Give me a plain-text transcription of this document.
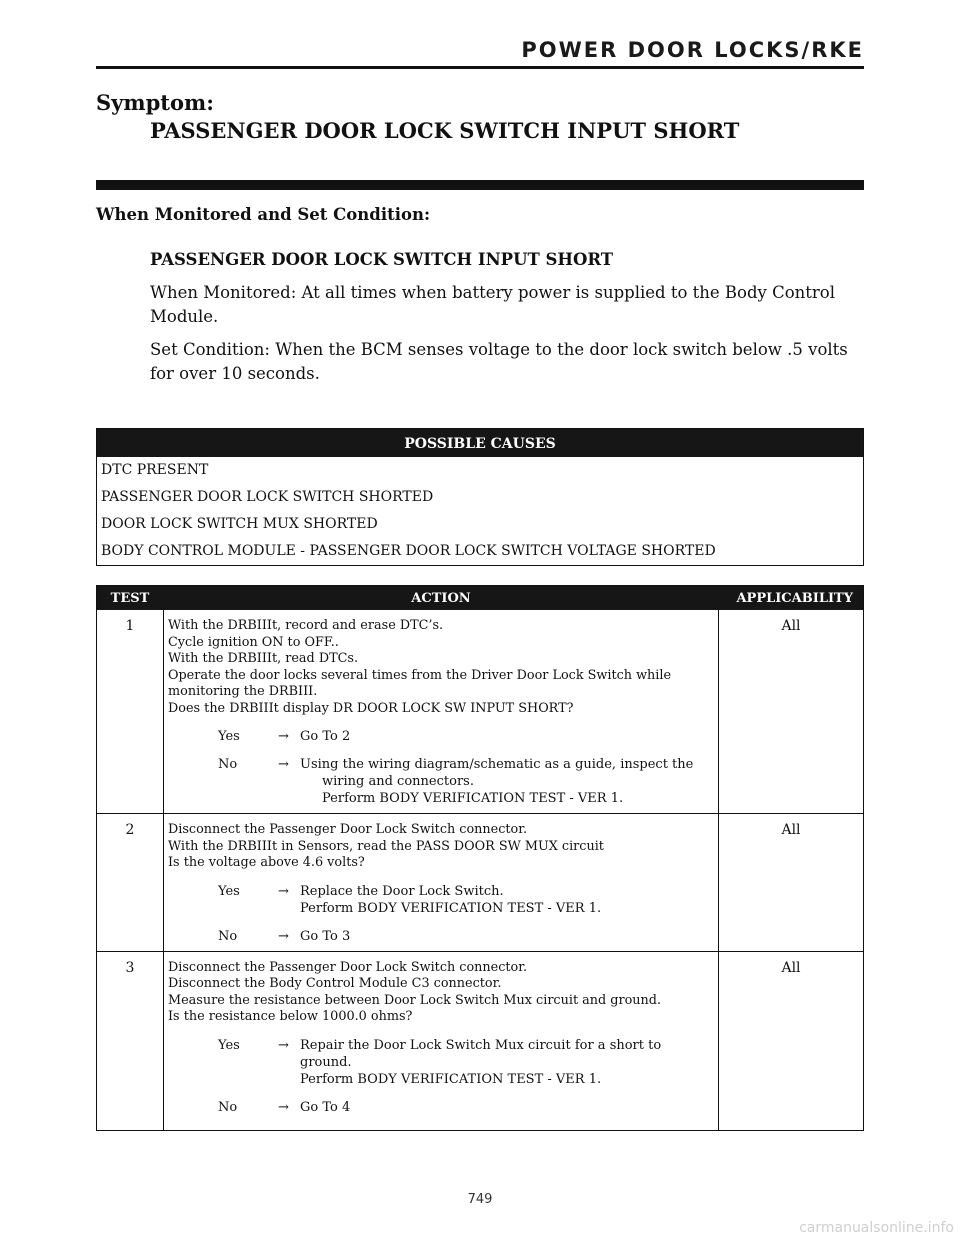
POWER DOOR LOCKS/RKE
Symptom:
PASSENGER DOOR LOCK SWITCH INPUT SHORT
When Monitored and Set Condition:

PASSENGER DOOR LOCK SWITCH INPUT SHORT

When Monitored: At all times when battery power is supplied to the Body Control Module.

Set Condition: When the BCM senses voltage to the door lock switch below .5 volts for over 10 seconds.

POSSIBLE CAUSES
DTC PRESENT
PASSENGER DOOR LOCK SWITCH SHORTED
DOOR LOCK SWITCH MUX SHORTED
BODY CONTROL MODULE - PASSENGER DOOR LOCK SWITCH VOLTAGE SHORTED
TEST	ACTION	APPLICABILITY
1	With the DRBIIIt, record and erase DTC’s.
Cycle ignition ON to OFF..
With the DRBIIIt, read DTCs.
Operate the door locks several times from the Driver Door Lock Switch while monitoring the DRBIII.
Does the DRBIIIt display DR DOOR LOCK SW INPUT SHORT?
Yes	→ Go To 2
No	→ Using the wiring diagram/schematic as a guide, inspect the
wiring and connectors.
Perform BODY VERIFICATION TEST - VER 1.
All
2	Disconnect the Passenger Door Lock Switch connector.
With the DRBIIIt in Sensors, read the PASS DOOR SW MUX circuit
Is the voltage above 4.6 volts?
Yes	→ Replace the Door Lock Switch.
Perform BODY VERIFICATION TEST - VER 1.
No	→ Go To 3
All
3	Disconnect the Passenger Door Lock Switch connector.
Disconnect the Body Control Module C3 connector.
Measure the resistance between Door Lock Switch Mux circuit and ground.
Is the resistance below 1000.0 ohms?
Yes	→ Repair the Door Lock Switch Mux circuit for a short to ground.
Perform BODY VERIFICATION TEST - VER 1.
No	→ Go To 4
All
749
carmanualsonline.info
